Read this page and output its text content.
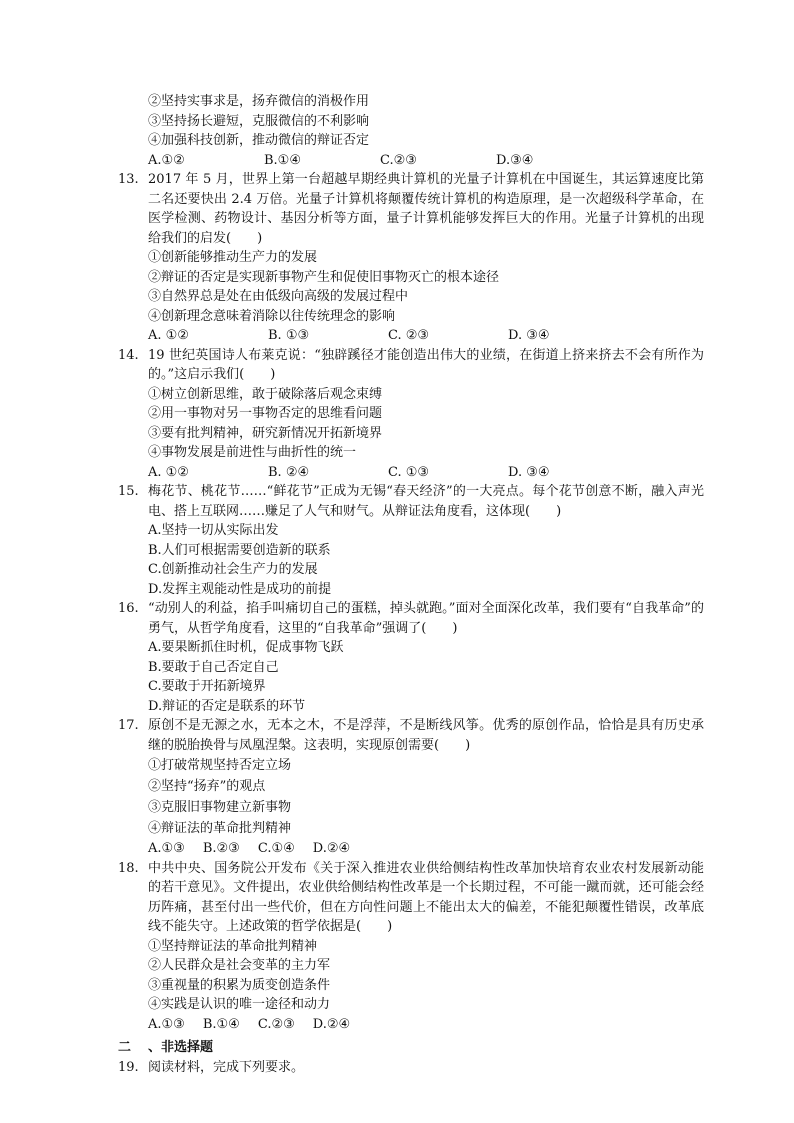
②坚持实事求是，扬弃微信的消极作用
③坚持扬长避短，克服微信的不利影响
④加强科技创新，推动微信的辩证否定
A.①②	B.①④	C.②③	D.③④
13. 2017 年 5 月，世界上第一台超越早期经典计算机的光量子计算机在中国诞生，其运算速度比第二名还要快出 2.4 万倍。光量子计算机将颠覆传统计算机的构造原理，是一次超级科学革命，在医学检测、药物设计、基因分析等方面，量子计算机能够发挥巨大的作用。光量子计算机的出现给我们的启发(　　)
①创新能够推动生产力的发展
②辩证的否定是实现新事物产生和促使旧事物灭亡的根本途径
③自然界总是处在由低级向高级的发展过程中
④创新理念意味着消除以往传统理念的影响
A. ①②	B. ①③	C. ②③	D. ③④
14. 19 世纪英国诗人布莱克说：“独辟蹊径才能创造出伟大的业绩，在街道上挤来挤去不会有所作为的。”这启示我们(　　)
①树立创新思维，敢于破除落后观念束缚
②用一事物对另一事物否定的思维看问题
③要有批判精神，研究新情况开拓新境界
④事物发展是前进性与曲折性的统一
A. ①②	B. ②④	C. ①③	D. ③④
15. 梅花节、桃花节……“鲜花节”正成为无锡“春天经济”的一大亮点。每个花节创意不断，融入声光电、搭上互联网……赚足了人气和财气。从辩证法角度看，这体现(　　)
A.坚持一切从实际出发
B.人们可根据需要创造新的联系
C.创新推动社会生产力的发展
D.发挥主观能动性是成功的前提
16. “动别人的利益，掐手叫痛切自己的蛋糕，掉头就跑。”面对全面深化改革，我们要有“自我革命”的勇气，从哲学角度看，这里的“自我革命”强调了(　　)
A.要果断抓住时机，促成事物飞跃
B.要敢于自己否定自己
C.要敢于开拓新境界
D.辩证的否定是联系的环节
17. 原创不是无源之水，无本之木，不是浮萍，不是断线风筝。优秀的原创作品，恰恰是具有历史承继的脱胎换骨与凤凰涅槃。这表明，实现原创需要(　　)
①打破常规坚持否定立场
②坚持“扬弃”的观点
③克服旧事物建立新事物
④辩证法的革命批判精神
A.①③ B.②③ C.①④ D.②④
18. 中共中央、国务院公开发布《关于深入推进农业供给侧结构性改革加快培育农业农村发展新动能的若干意见》。文件提出，农业供给侧结构性改革是一个长期过程，不可能一蹴而就，还可能会经历阵痛，甚至付出一些代价，但在方向性问题上不能出太大的偏差，不能犯颠覆性错误，改革底线不能失守。上述政策的哲学依据是(　　)
①坚持辩证法的革命批判精神
②人民群众是社会变革的主力军
③重视量的积累为质变创造条件
④实践是认识的唯一途径和动力
A.①③ B.①④ C.②③ D.②④
二 、非选择题
19. 阅读材料，完成下列要求。
